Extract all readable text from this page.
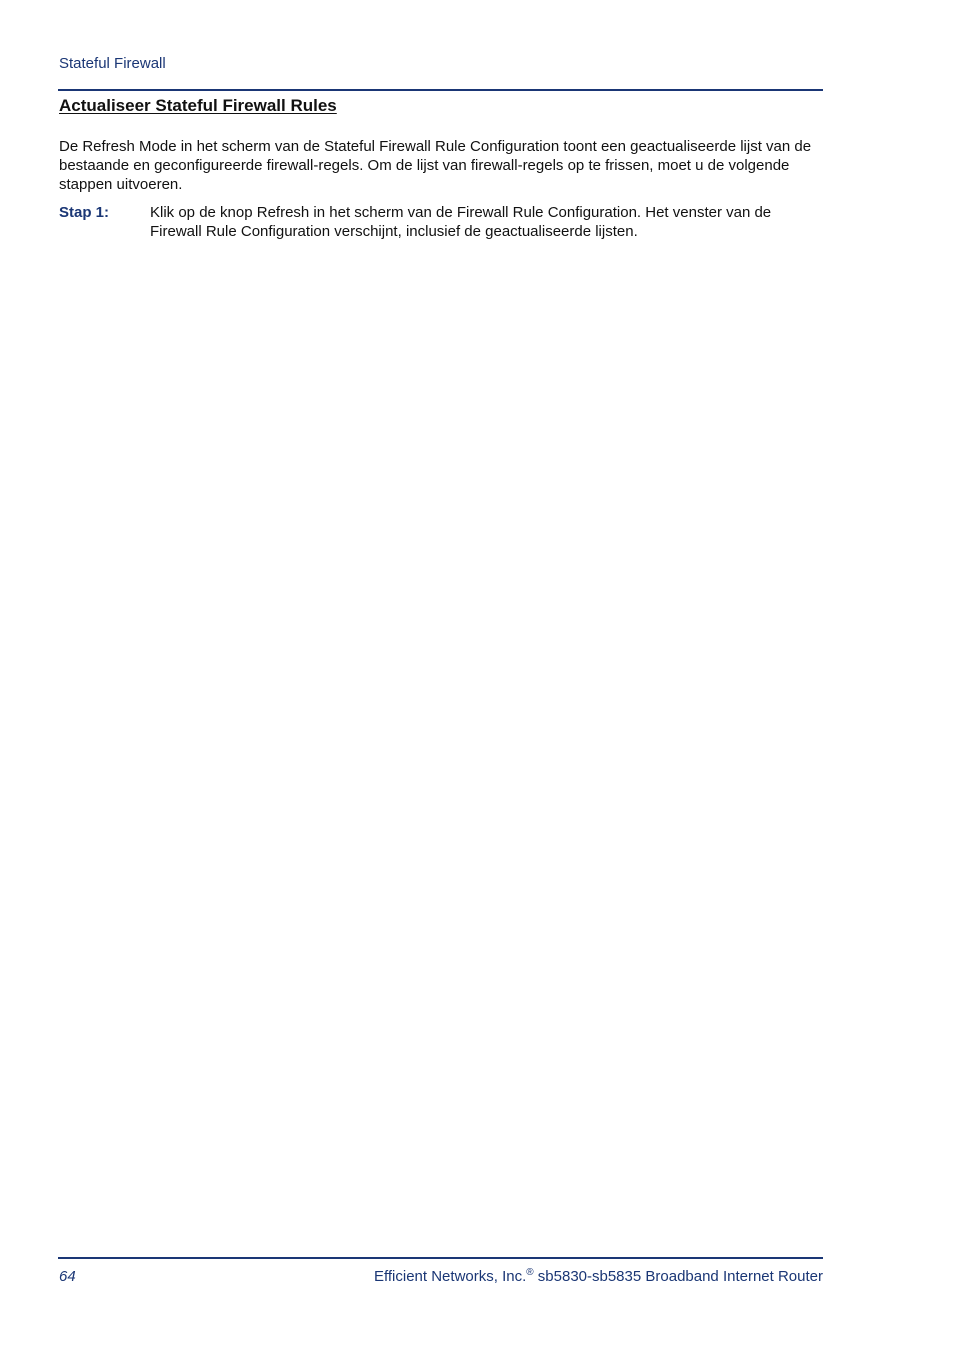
Stateful Firewall
Actualiseer Stateful Firewall Rules

De Refresh Mode in het scherm van de Stateful Firewall Rule Configuration toont een geactualiseerde lijst van de bestaande en geconfigureerde firewall-regels. Om de lijst van firewall-regels op te frissen, moet u de volgende stappen uitvoeren.

Stap 1:	Klik op de knop Refresh in het scherm van de Firewall Rule Configuration. Het venster van de Firewall Rule Configuration verschijnt, inclusief de geactualiseerde lijsten.
64	Efficient Networks, Inc.® sb5830-sb5835 Broadband Internet Router
